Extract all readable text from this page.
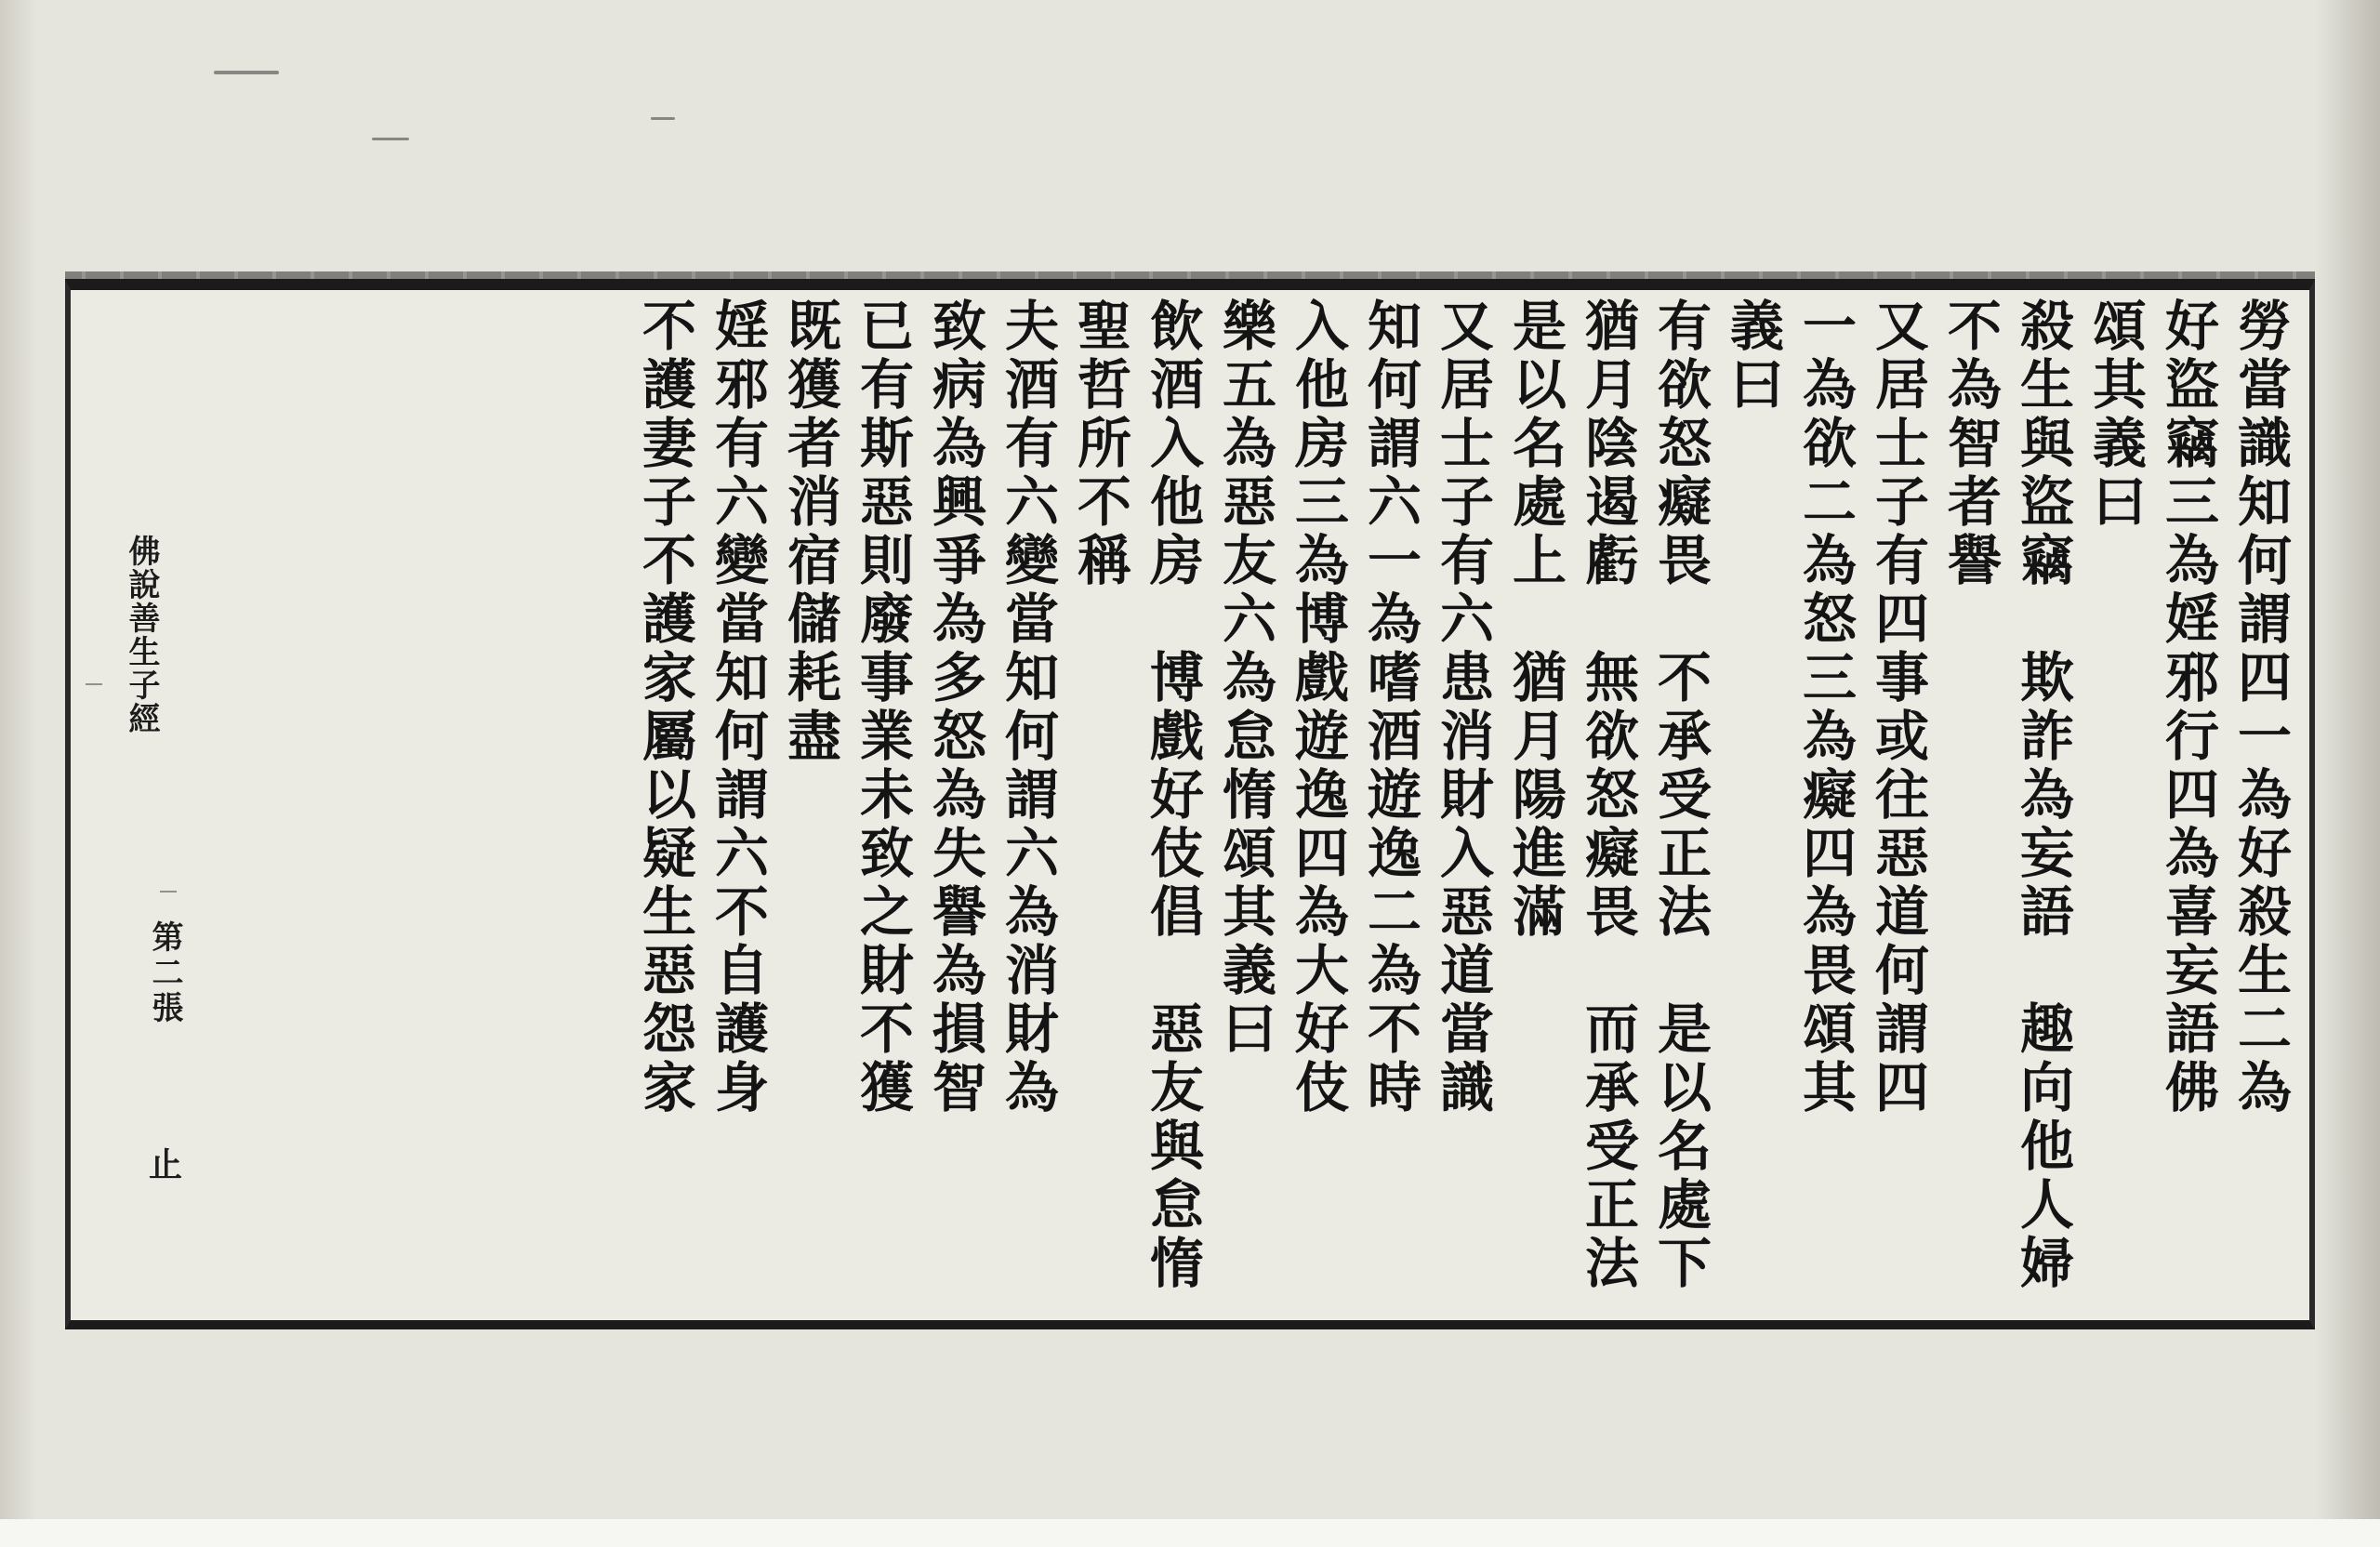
勞當識知何謂四一為好殺生二為
好盜竊三為婬邪行四為喜妄語佛
頌其義曰
殺生與盜竊　欺詐為妄語　趣向他人婦
不為智者譽
又居士子有四事或往惡道何謂四
一為欲二為怒三為癡四為畏頌其
義曰
有欲怒癡畏　不承受正法　是以名處下
猶月陰遏虧　無欲怒癡畏　而承受正法
是以名處上　猶月陽進滿
又居士子有六患消財入惡道當識
知何謂六一為嗜酒遊逸二為不時
入他房三為博戲遊逸四為大好伎
樂五為惡友六為怠惰頌其義曰
飲酒入他房　博戲好伎倡　惡友與怠惰
聖哲所不稱
夫酒有六變當知何謂六為消財為
致病為興爭為多怒為失譽為損智
已有斯惡則廢事業未致之財不獲
既獲者消宿儲耗盡
婬邪有六變當知何謂六不自護身
不護妻子不護家屬以疑生惡怨家
佛說善生子經
第二張
止
